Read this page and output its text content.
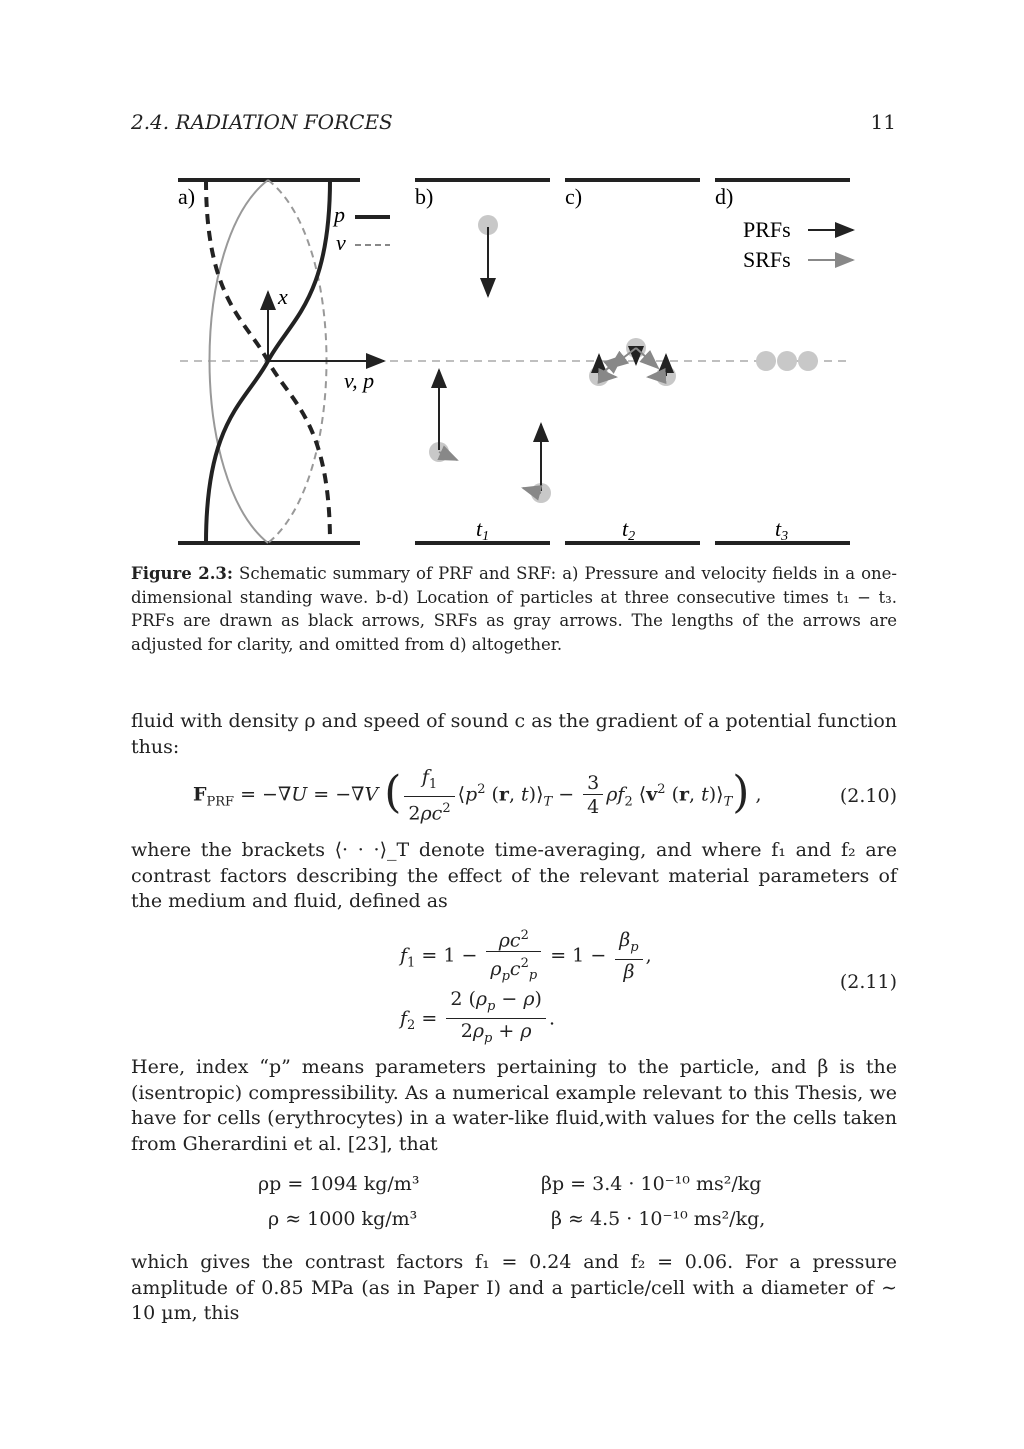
2.4. RADIATION FORCES	11
a)
p
v
x
v, p
b)
t1
c)
t2
d)
PRFs
SRFs
t3
Figure 2.3: Schematic summary of PRF and SRF: a) Pressure and velocity fields in a one-dimensional standing wave. b-d) Location of particles at three consecutive times t₁ − t₃. PRFs are drawn as black arrows, SRFs as gray arrows. The lengths of the arrows are adjusted for clarity, and omitted from d) altogether.
fluid with density ρ and speed of sound c as the gradient of a potential function thus:
$F_{PRF} = -\nabla U = -\nabla V$ ( $\frac{f_1}{2\rho c^2}$ $⟨p^2$ (r, $t)⟩_T - \frac{3}{4} \rho f_2$ $⟨v^2$ (r, $t)⟩_T$) ,	(2.10)
where the brackets ⟨· · ·⟩_T denote time-averaging, and where f₁ and f₂ are contrast factors describing the effect of the relevant material parameters of the medium and fluid, defined as
$f_1 = 1 - \frac{\rho c^2}{\rho_pc^2_p} = 1 - \frac{\beta_p}{\beta}$ ,
$f_2 = \frac{2 (\rho_p - \rho)}{2\rho_p + \rho}$ .
(2.11)
Here, index “p” means parameters pertaining to the particle, and β is the (isentropic) compressibility. As a numerical example relevant to this Thesis, we have for cells (erythrocytes) in a water-like fluid,with values for the cells taken from Gherardini et al. [23], that
ρp = 1094 kg/m³	βp = 3.4 · 10⁻¹⁰ ms²/kg
ρ ≈ 1000 kg/m³	β ≈ 4.5 · 10⁻¹⁰ ms²/kg,
which gives the contrast factors f₁ = 0.24 and f₂ = 0.06. For a pressure amplitude of 0.85 MPa (as in Paper I) and a particle/cell with a diameter of ∼ 10 µm, this
